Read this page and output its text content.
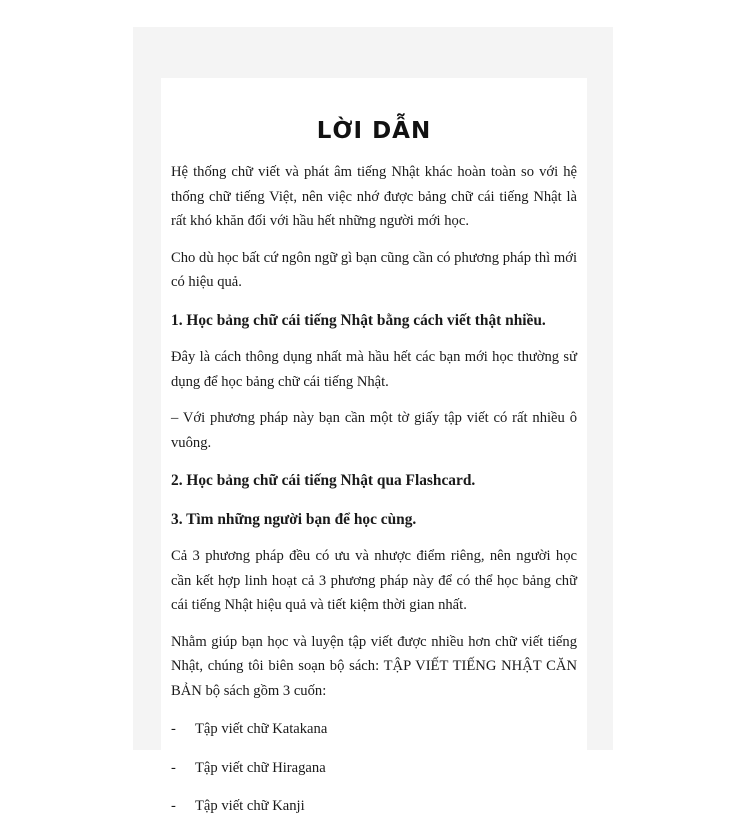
LỜI DẪN

Hệ thống chữ viết và phát âm tiếng Nhật khác hoàn toàn so với hệ thống chữ tiếng Việt, nên việc nhớ được bảng chữ cái tiếng Nhật là rất khó khăn đối với hầu hết những người mới học.

Cho dù học bất cứ ngôn ngữ gì bạn cũng cần có phương pháp thì mới có hiệu quả.

1. Học bảng chữ cái tiếng Nhật bằng cách viết thật nhiều.

Đây là cách thông dụng nhất mà hầu hết các bạn mới học thường sử dụng để học bảng chữ cái tiếng Nhật.

– Với phương pháp này bạn cần một tờ giấy tập viết có rất nhiều ô vuông.

2. Học bảng chữ cái tiếng Nhật qua Flashcard.

3. Tìm những người bạn để học cùng.

Cả 3 phương pháp đều có ưu và nhược điểm riêng, nên người học cần kết hợp linh hoạt cả 3 phương pháp này để có thể học bảng chữ cái tiếng Nhật hiệu quả và tiết kiệm thời gian nhất.

Nhằm giúp bạn học và luyện tập viết được nhiều hơn chữ viết tiếng Nhật, chúng tôi biên soạn bộ sách: TẬP VIẾT TIẾNG NHẬT CĂN BẢN bộ sách gồm 3 cuốn:

-	Tập viết chữ Katakana
-	Tập viết chữ Hiragana
-	Tập viết chữ Kanji
